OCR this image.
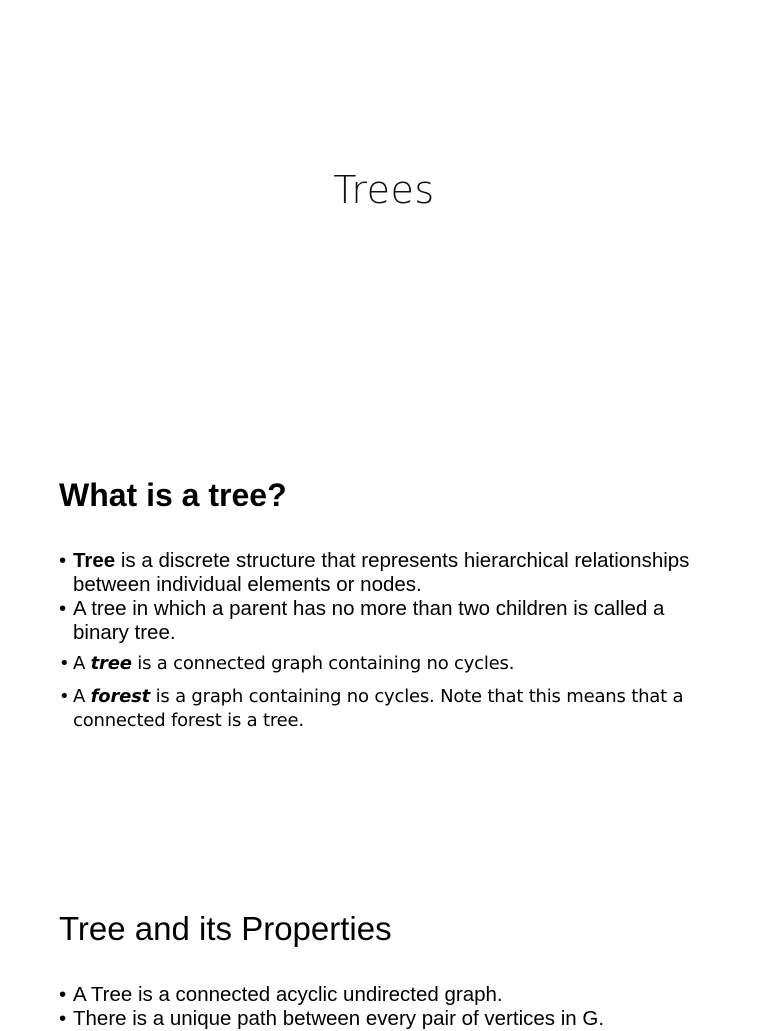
Trees
What is a tree?
• Tree is a discrete structure that represents hierarchical relationships between individual elements or nodes.
• A tree in which a parent has no more than two children is called a binary tree.
• A tree is a connected graph containing no cycles.
• A forest is a graph containing no cycles. Note that this means that a connected forest is a tree.
Tree and its Properties
• A Tree is a connected acyclic undirected graph.
• There is a unique path between every pair of vertices in G.
